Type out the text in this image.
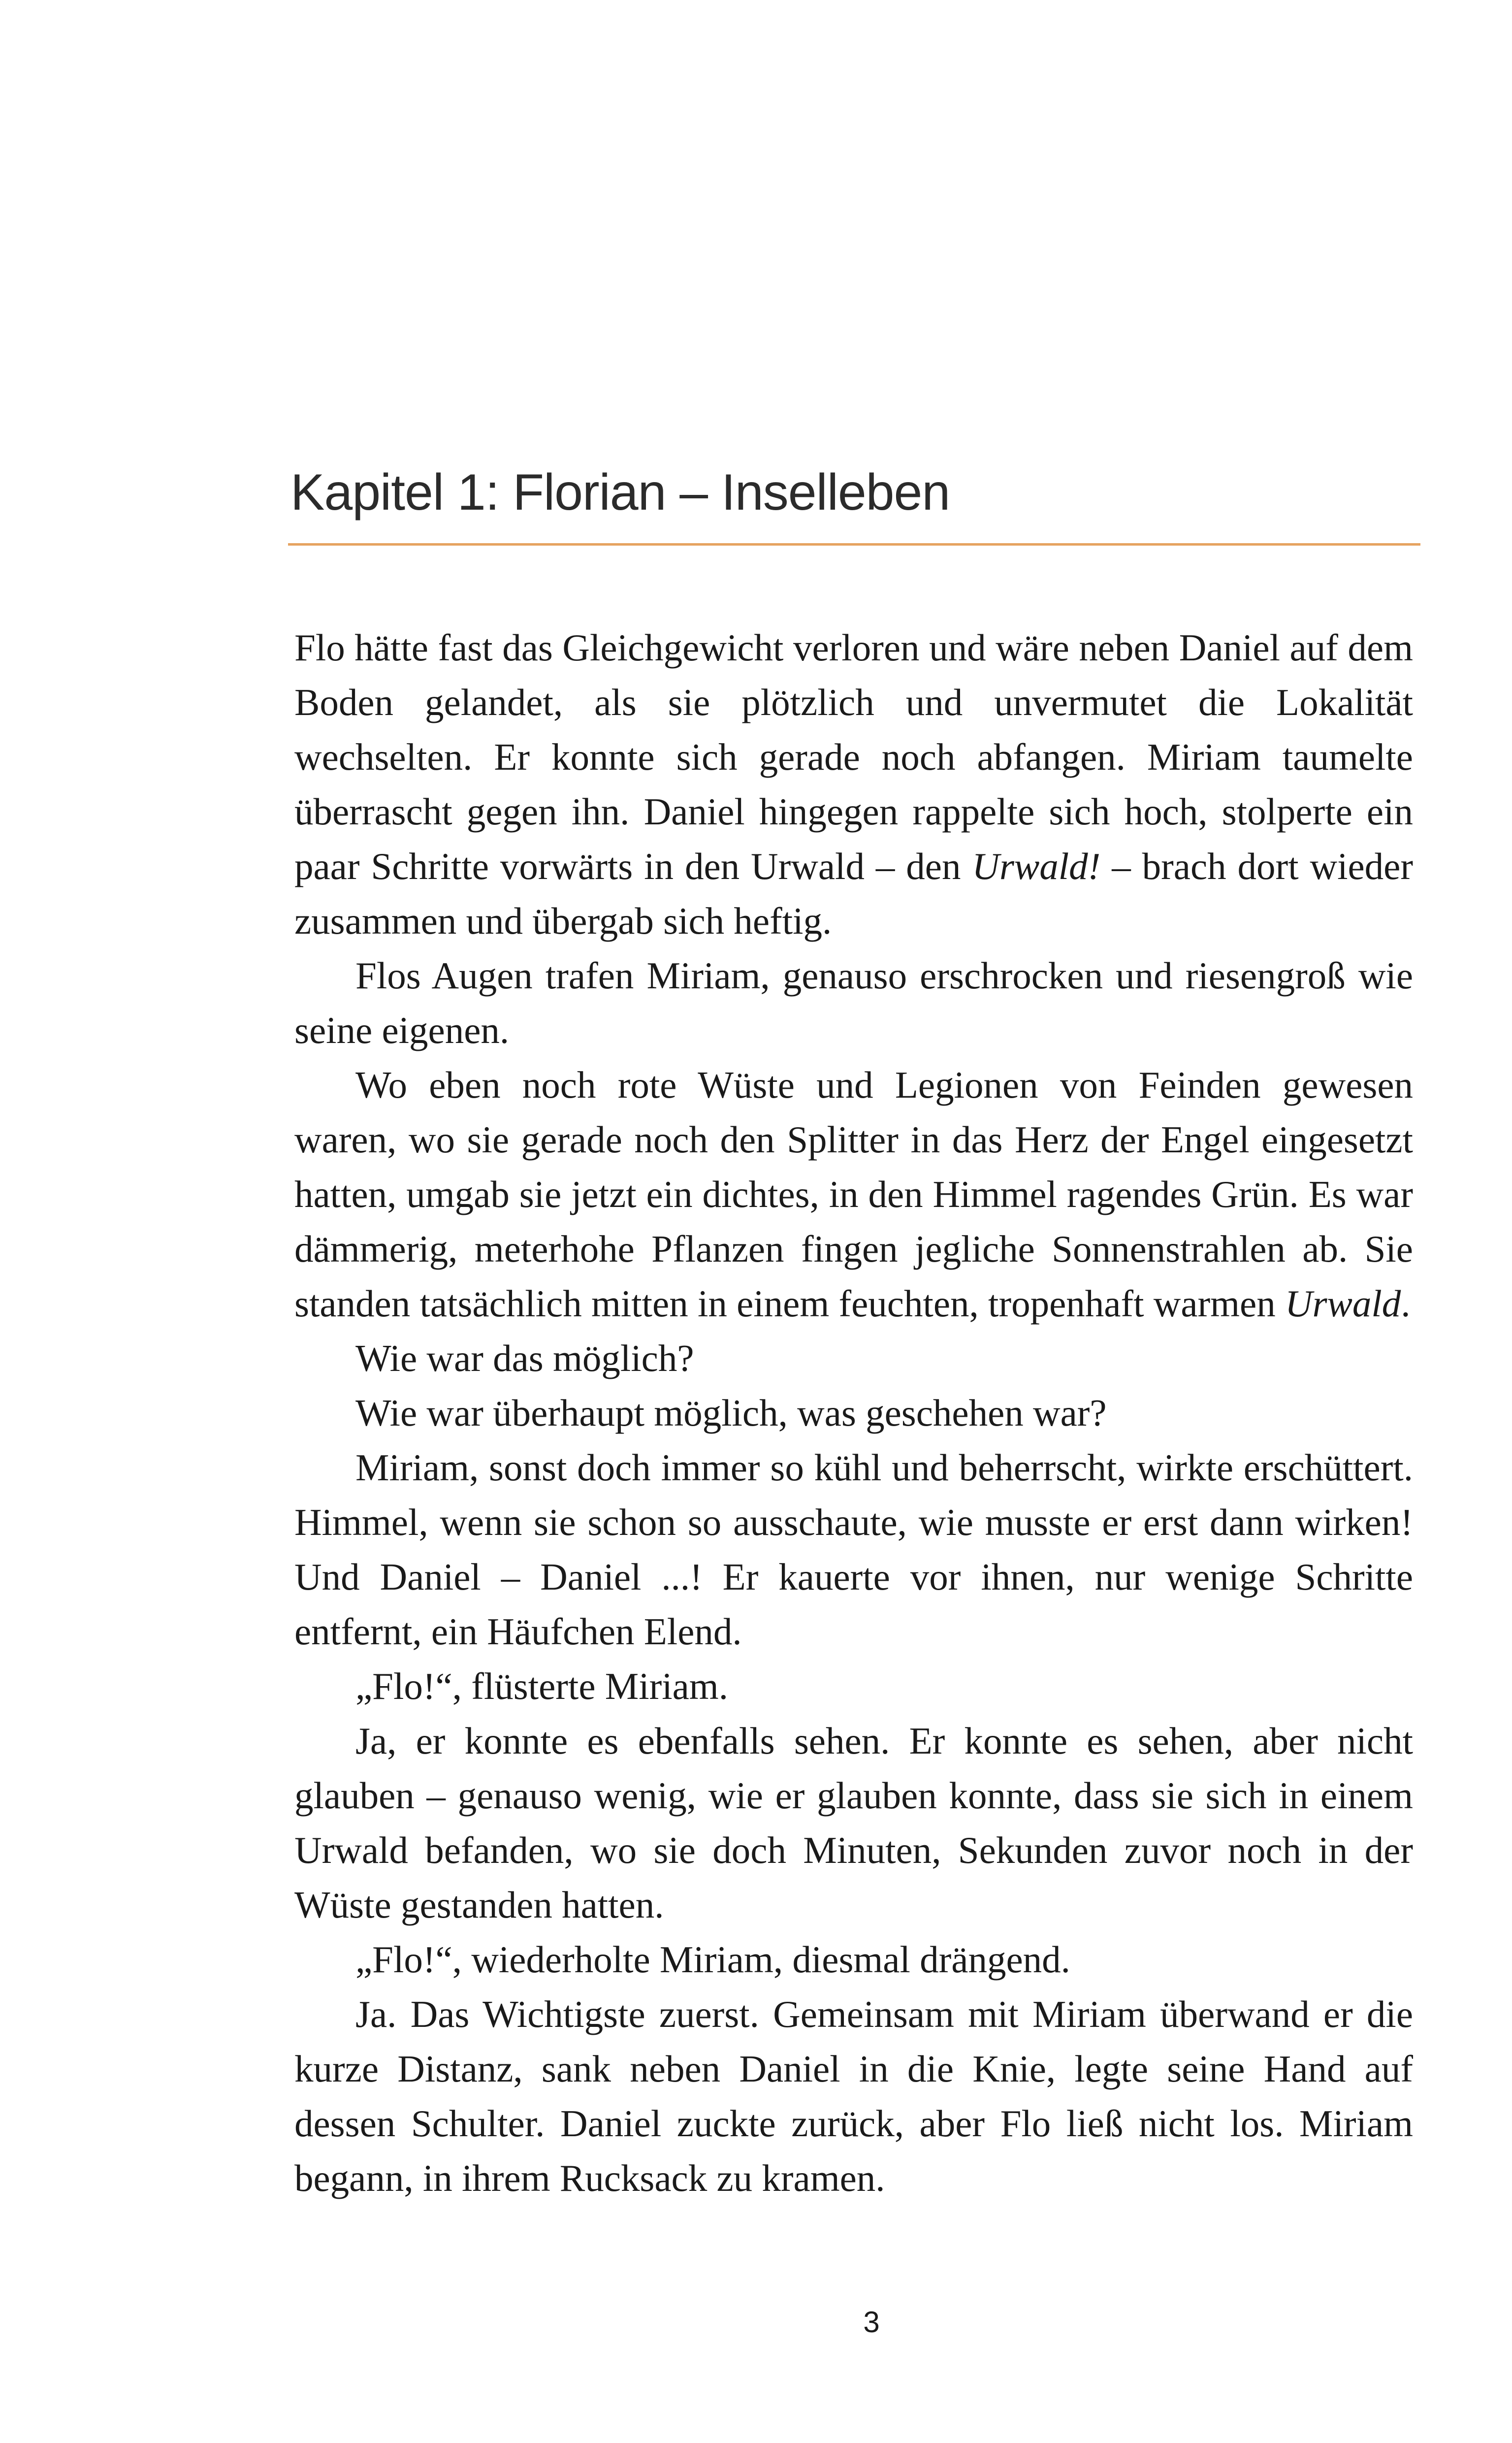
Kapitel 1: Florian – Inselleben

Flo hätte fast das Gleichgewicht verloren und wäre neben Daniel auf dem Boden gelandet, als sie plötzlich und unvermutet die Lokalität wechselten. Er konnte sich gerade noch abfangen. Miriam taumelte überrascht gegen ihn. Daniel hingegen rappelte sich hoch, stolperte ein paar Schritte vorwärts in den Urwald – den Urwald! – brach dort wieder zusammen und übergab sich heftig.

Flos Augen trafen Miriam, genauso erschrocken und riesengroß wie seine eigenen.

Wo eben noch rote Wüste und Legionen von Feinden gewesen waren, wo sie gerade noch den Splitter in das Herz der Engel eingesetzt hatten, umgab sie jetzt ein dichtes, in den Himmel ragendes Grün. Es war dämmerig, meterhohe Pflanzen fingen jegliche Sonnenstrahlen ab. Sie standen tatsächlich mitten in einem feuchten, tropenhaft warmen Urwald.

Wie war das möglich?

Wie war überhaupt möglich, was geschehen war?

Miriam, sonst doch immer so kühl und beherrscht, wirkte erschüttert. Himmel, wenn sie schon so ausschaute, wie musste er erst dann wirken! Und Daniel – Daniel ...! Er kauerte vor ihnen, nur wenige Schritte entfernt, ein Häufchen Elend.

„Flo!“, flüsterte Miriam.

Ja, er konnte es ebenfalls sehen. Er konnte es sehen, aber nicht glauben – genauso wenig, wie er glauben konnte, dass sie sich in einem Urwald befanden, wo sie doch Minuten, Sekunden zuvor noch in der Wüste gestanden hatten.

„Flo!“, wiederholte Miriam, diesmal drängend.

Ja. Das Wichtigste zuerst. Gemeinsam mit Miriam überwand er die kurze Distanz, sank neben Daniel in die Knie, legte seine Hand auf dessen Schulter. Daniel zuckte zurück, aber Flo ließ nicht los. Miriam begann, in ihrem Rucksack zu kramen.

3
